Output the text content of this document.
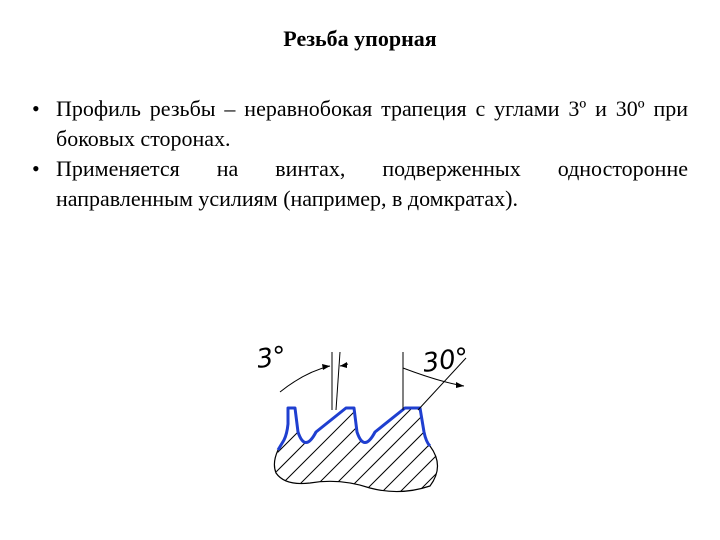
Резьба упорная
• Профиль резьбы – неравнобокая трапеция с углами 3º и 30º при боковых сторонах.
• Применяется на винтах, подверженных односторонне направленным усилиям (например, в домкратах).
3°	30°
